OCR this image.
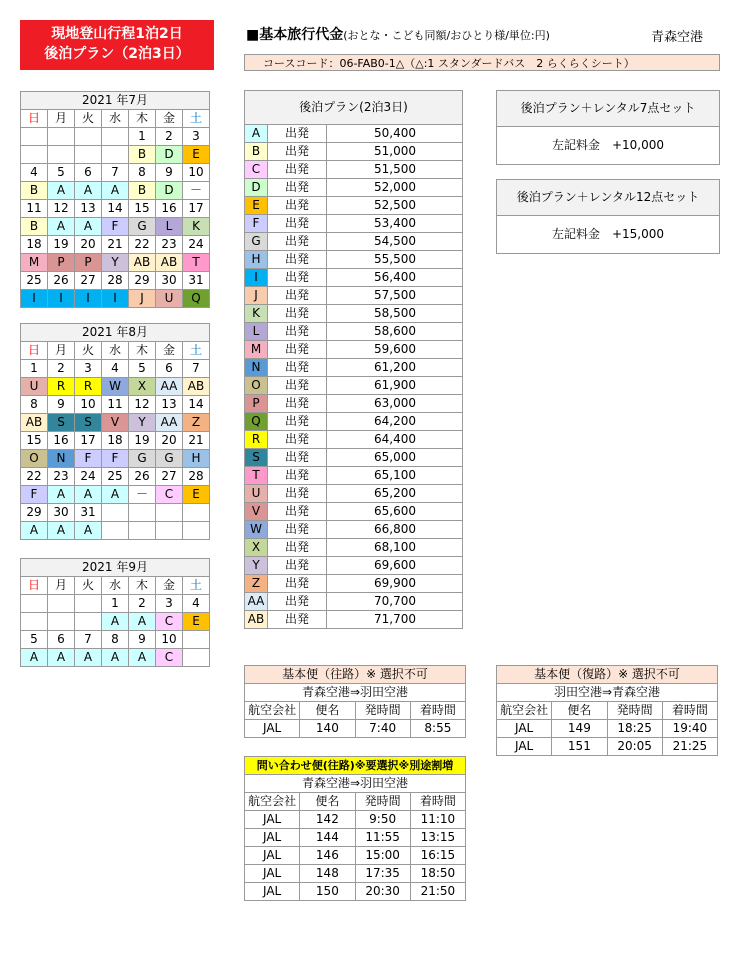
現地登山行程1泊2日
後泊プラン（2泊3日）
■基本旅行代金(おとな・こども同額/おひとり様/単位:円)	青森空港
コースコード：06-FAB0-1△（△:1 スタンダードバス　2 らくらくシート）
2021 年7月						
日	月	火	水	木	金	土
				1	2	3
				B	D	E
4	5	6	7	8	9	10
B	A	A	A	B	D	－
11	12	13	14	15	16	17
B	A	A	F	G	L	K
18	19	20	21	22	23	24
M	P	P	Y	AB	AB	T
25	26	27	28	29	30	31
I	I	I	I	J	U	Q
2021 年8月						
日	月	火	水	木	金	土
1	2	3	4	5	6	7
U	R	R	W	X	AA	AB
8	9	10	11	12	13	14
AB	S	S	V	Y	AA	Z
15	16	17	18	19	20	21
O	N	F	F	G	G	H
22	23	24	25	26	27	28
F	A	A	A	－	C	E
29	30	31				
A	A	A				
2021 年9月						
日	月	火	水	木	金	土
			1	2	3	4
			A	A	C	E
5	6	7	8	9	10	
A	A	A	A	A	C	
後泊プラン(2泊3日)		
A	出発	50,400
B	出発	51,000
C	出発	51,500
D	出発	52,000
E	出発	52,500
F	出発	53,400
G	出発	54,500
H	出発	55,500
I	出発	56,400
J	出発	57,500
K	出発	58,500
L	出発	58,600
M	出発	59,600
N	出発	61,200
O	出発	61,900
P	出発	63,000
Q	出発	64,200
R	出発	64,400
S	出発	65,000
T	出発	65,100
U	出発	65,200
V	出発	65,600
W	出発	66,800
X	出発	68,100
Y	出発	69,600
Z	出発	69,900
AA	出発	70,700
AB	出発	71,700
後泊プラン＋レンタル7点セット
左記料金　+10,000
後泊プラン＋レンタル12点セット
左記料金　+15,000
基本便（往路）※ 選択不可			
青森空港⇒羽田空港			
航空会社	便名	発時間	着時間
JAL	140	7:40	8:55
基本便（復路）※ 選択不可			
羽田空港⇒青森空港			
航空会社	便名	発時間	着時間
JAL	149	18:25	19:40
JAL	151	20:05	21:25
問い合わせ便(往路)※要選択※別途割増			
青森空港⇒羽田空港			
航空会社	便名	発時間	着時間
JAL	142	9:50	11:10
JAL	144	11:55	13:15
JAL	146	15:00	16:15
JAL	148	17:35	18:50
JAL	150	20:30	21:50
